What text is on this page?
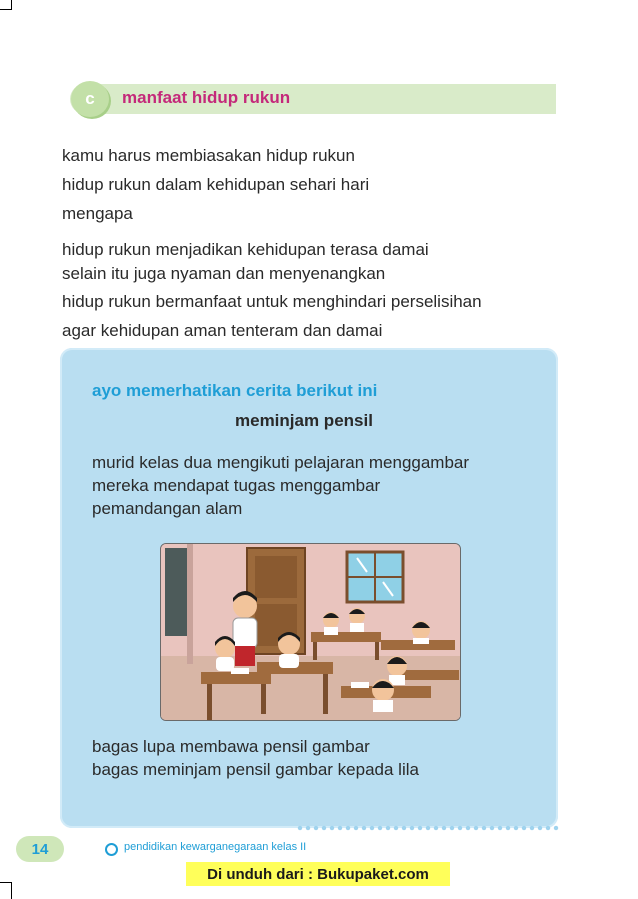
c manfaat hidup rukun
kamu harus membiasakan hidup rukun
hidup rukun dalam kehidupan sehari hari
mengapa
hidup rukun menjadikan kehidupan terasa damai
selain itu juga nyaman dan menyenangkan
hidup rukun bermanfaat untuk menghindari perselisihan
agar kehidupan aman tenteram dan damai
ayo memerhatikan cerita berikut ini
meminjam pensil
murid kelas dua mengikuti pelajaran menggambar
mereka mendapat tugas menggambar
pemandangan alam
bagas lupa membawa pensil gambar
bagas meminjam pensil gambar kepada lila
14	pendidikan kewarganegaraan kelas II
Di unduh dari : Bukupaket.com
